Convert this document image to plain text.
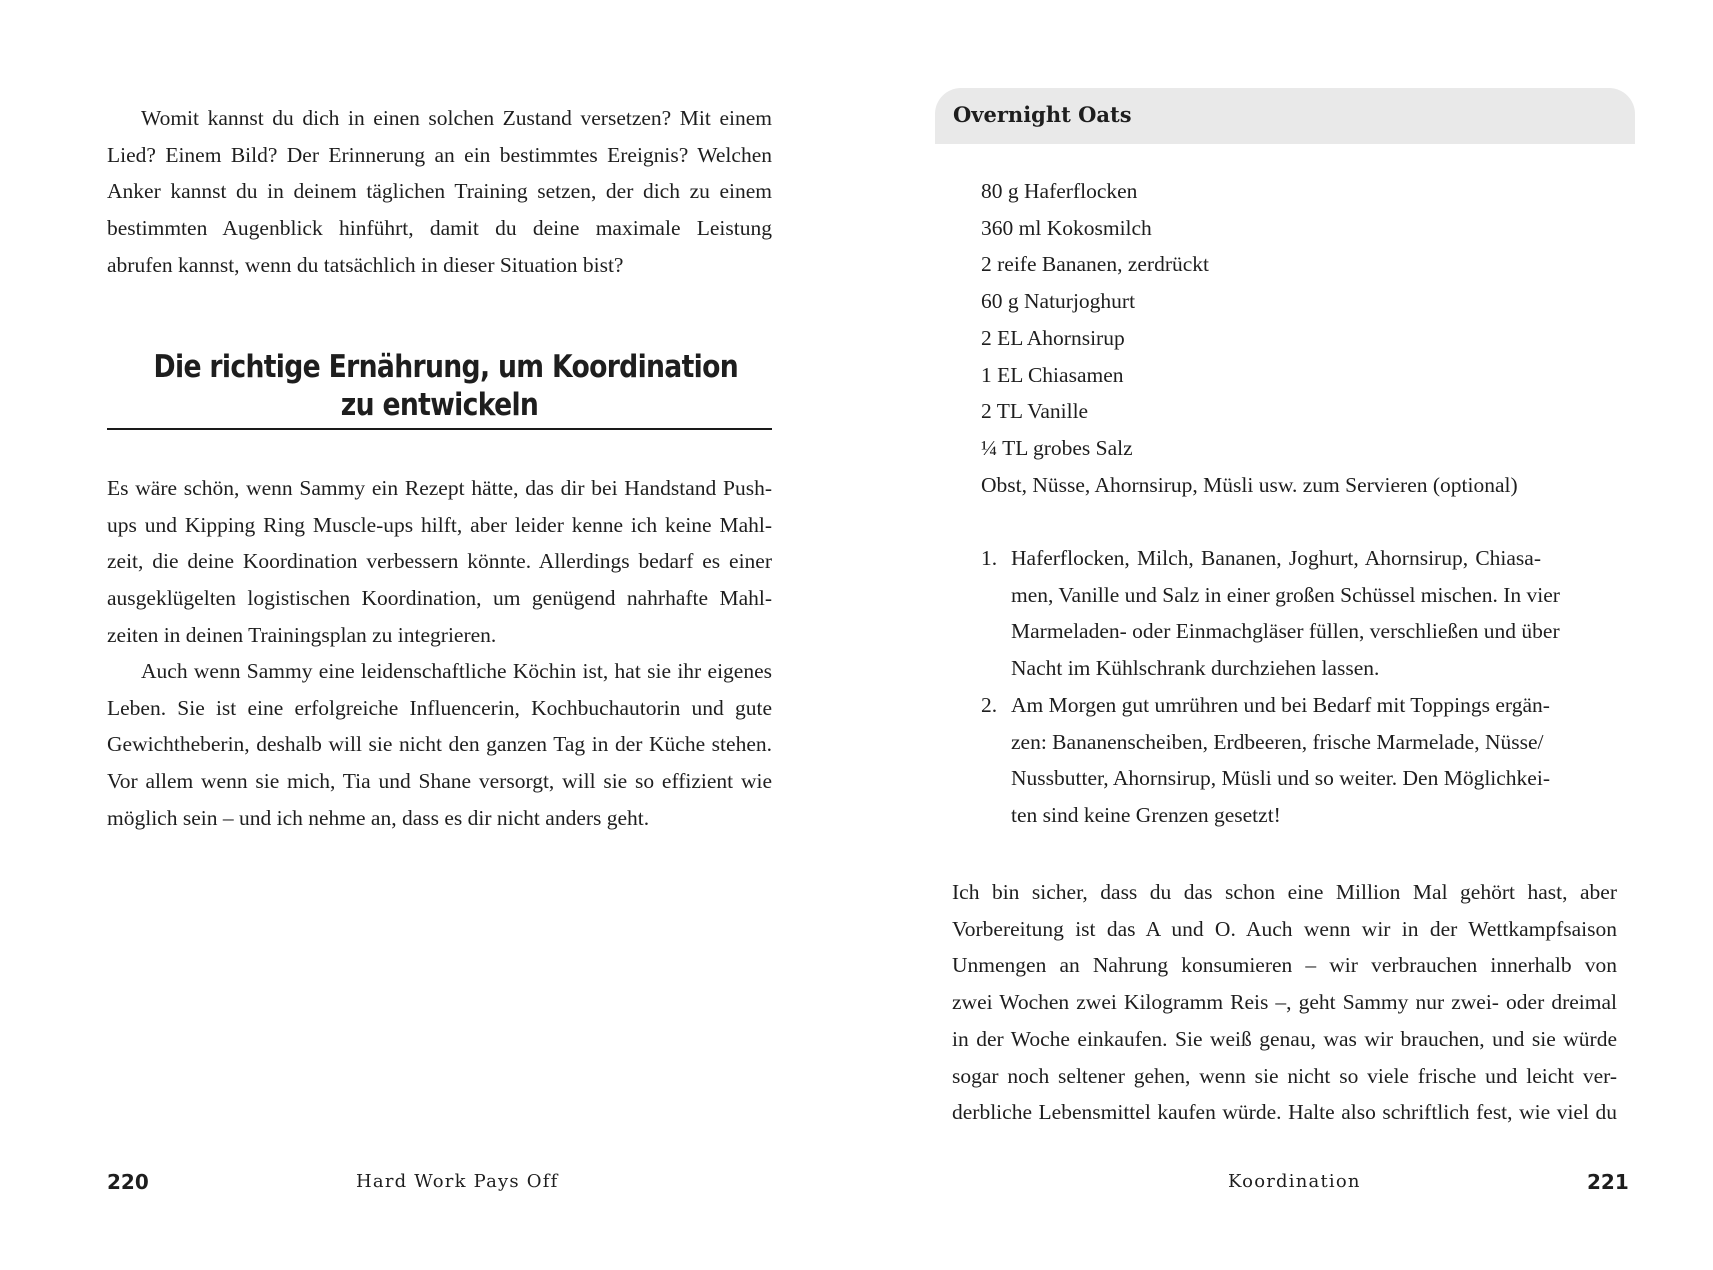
Womit kannst du dich in einen solchen Zustand versetzen? Mit einem
Lied? Einem Bild? Der Erinnerung an ein bestimmtes Ereignis? Welchen
Anker kannst du in deinem täglichen Training setzen, der dich zu einem
bestimmten Augenblick hinführt, damit du deine maximale Leistung
abrufen kannst, wenn du tatsächlich in dieser Situation bist?

Die richtige Ernährung, um Koordination
zu entwickeln

Es wäre schön, wenn Sammy ein Rezept hätte, das dir bei Handstand Push-
ups und Kipping Ring Muscle-ups hilft, aber leider kenne ich keine Mahl-
zeit, die deine Koordination verbessern könnte. Allerdings bedarf es einer
ausgeklügelten logistischen Koordination, um genügend nahrhafte Mahl-
zeiten in deinen Trainingsplan zu integrieren.

Auch wenn Sammy eine leidenschaftliche Köchin ist, hat sie ihr eigenes
Leben. Sie ist eine erfolgreiche Influencerin, Kochbuchautorin und gute
Gewichtheberin, deshalb will sie nicht den ganzen Tag in der Küche stehen.
Vor allem wenn sie mich, Tia und Shane versorgt, will sie so effizient wie
möglich sein – und ich nehme an, dass es dir nicht anders geht.

220	Hard Work Pays Off
Overnight Oats
80 g Haferflocken
360 ml Kokosmilch
2 reife Bananen, zerdrückt
60 g Naturjoghurt
2 EL Ahornsirup
1 EL Chiasamen
2 TL Vanille
¼ TL grobes Salz
Obst, Nüsse, Ahornsirup, Müsli usw. zum Servieren (optional)
1. Haferflocken, Milch, Bananen, Joghurt, Ahornsirup, Chiasa-
men, Vanille und Salz in einer großen Schüssel mischen. In vier
Marmeladen- oder Einmachgläser füllen, verschließen und über
Nacht im Kühlschrank durchziehen lassen.
2. Am Morgen gut umrühren und bei Bedarf mit Toppings ergän-
zen: Bananenscheiben, Erdbeeren, frische Marmelade, Nüsse/
Nussbutter, Ahornsirup, Müsli und so weiter. Den Möglichkei-
ten sind keine Grenzen gesetzt!

Ich bin sicher, dass du das schon eine Million Mal gehört hast, aber
Vorbereitung ist das A und O. Auch wenn wir in der Wettkampfsaison
Unmengen an Nahrung konsumieren – wir verbrauchen innerhalb von
zwei Wochen zwei Kilogramm Reis –, geht Sammy nur zwei- oder dreimal
in der Woche einkaufen. Sie weiß genau, was wir brauchen, und sie würde
sogar noch seltener gehen, wenn sie nicht so viele frische und leicht ver-
derbliche Lebensmittel kaufen würde. Halte also schriftlich fest, wie viel du

Koordination	221
